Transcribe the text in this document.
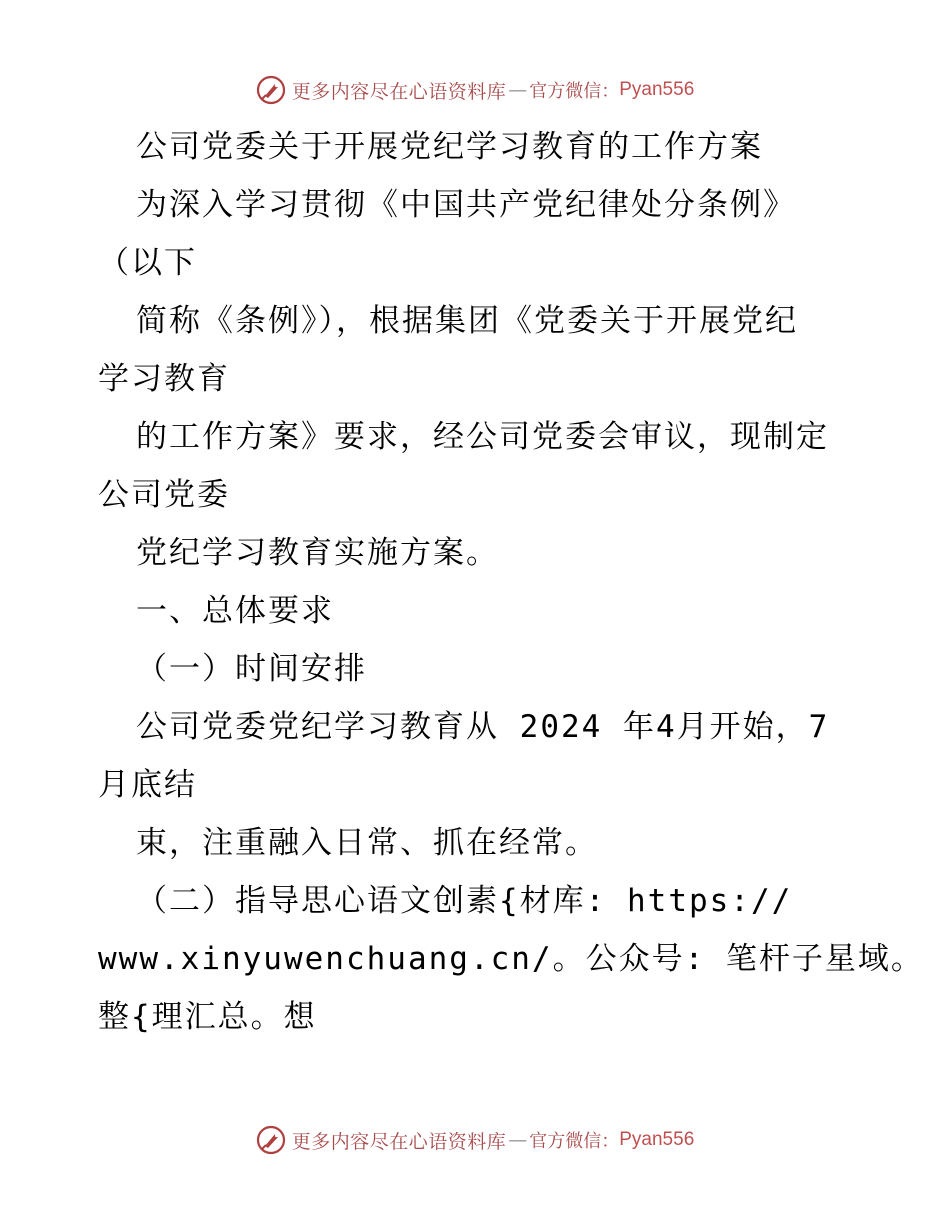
更多内容尽在心语资料库 — 官方微信： Pyan556
公司党委关于开展党纪学习教育的工作方案
为深入学习贯彻《中国共产党纪律处分条例》
（以下
简称《条例》），根据集团《党委关于开展党纪
学习教育
的工作方案》要求，经公司党委会审议，现制定
公司党委
党纪学习教育实施方案。
一、总体要求
（一）时间安排
公司党委党纪学习教育从 2024 年4月开始，7
月底结
束，注重融入日常、抓在经常。
（二）指导思心语文创素{材库: https://
www.xinyuwenchuang.cn/。公众号: 笔杆子星域。
整{理汇总。想
更多内容尽在心语资料库 — 官方微信： Pyan556
